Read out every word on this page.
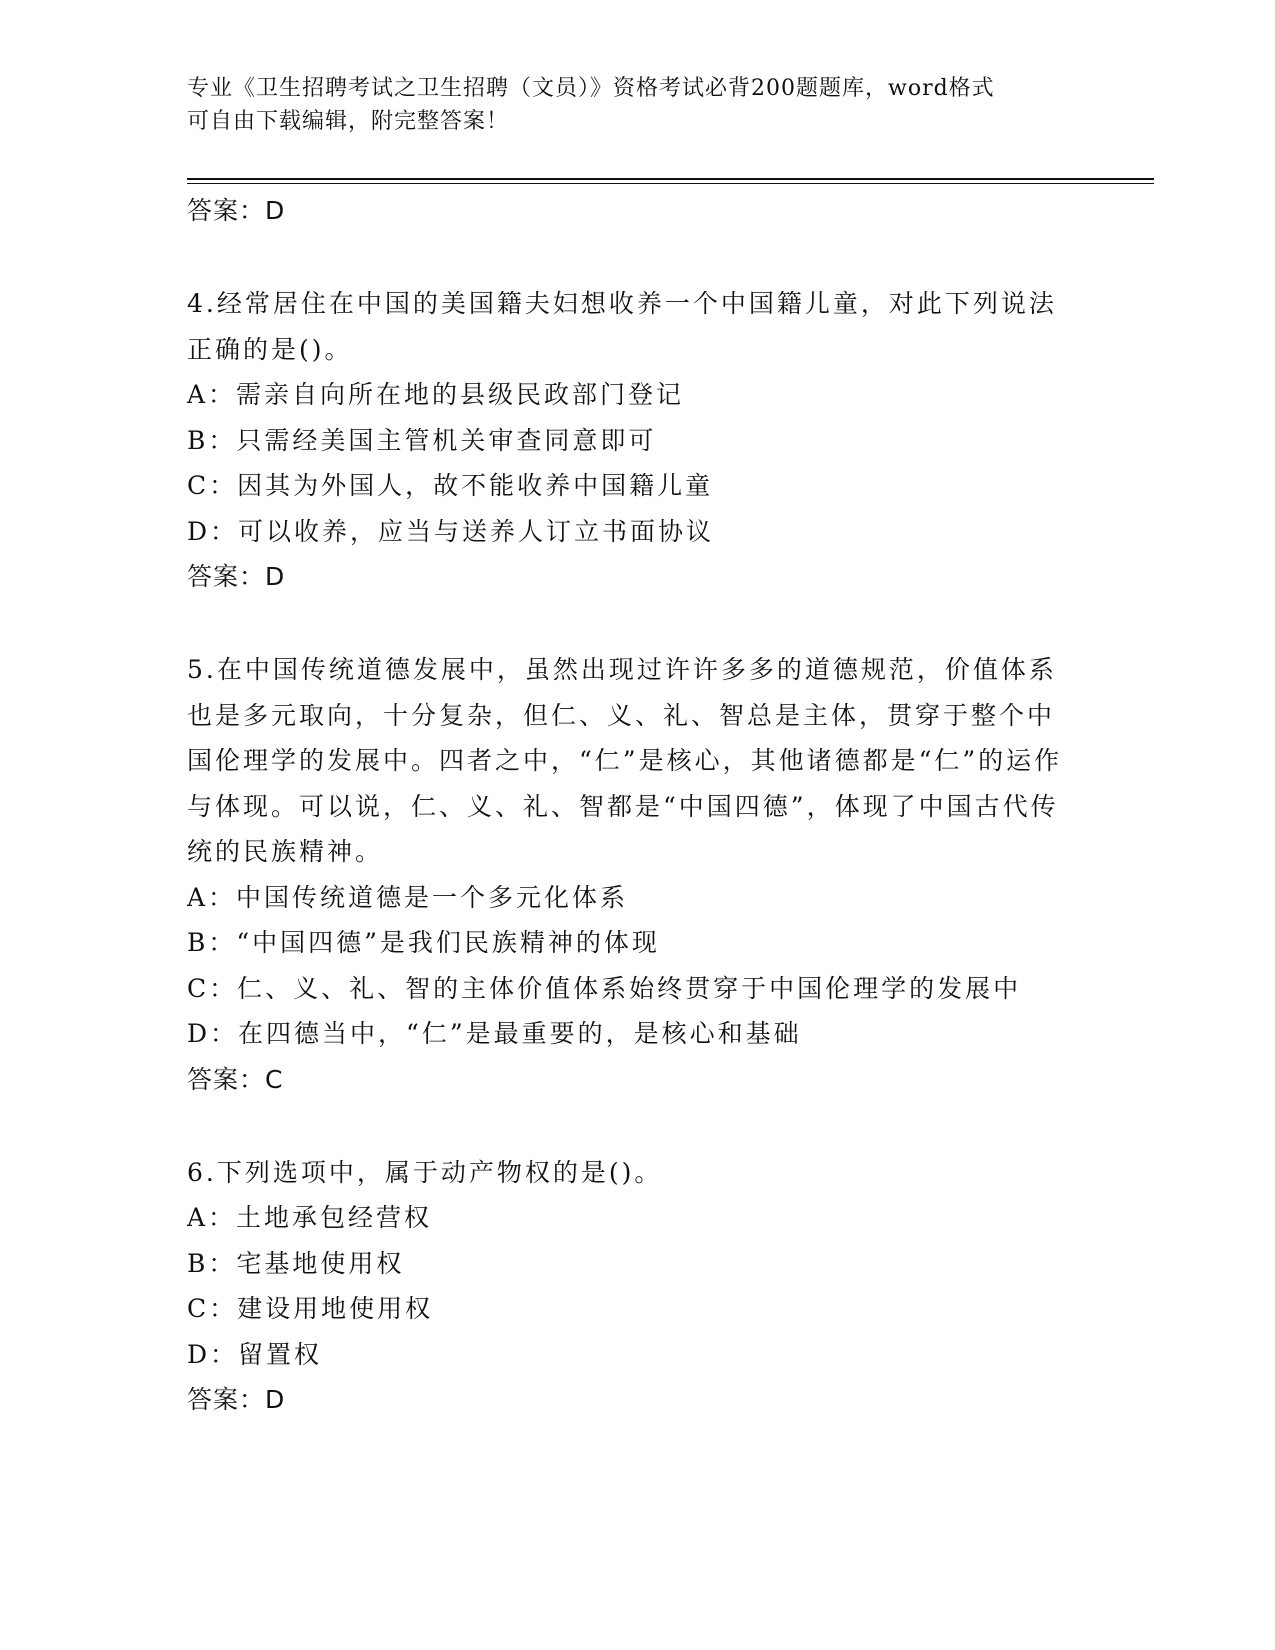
专业《卫生招聘考试之卫生招聘（文员）》资格考试必背200题题库，word格式
可自由下载编辑，附完整答案！
答案：D

4.经常居住在中国的美国籍夫妇想收养一个中国籍儿童，对此下列说法正确的是()。

A：需亲自向所在地的县级民政部门登记
B：只需经美国主管机关审查同意即可
C：因其为外国人，故不能收养中国籍儿童
D：可以收养，应当与送养人订立书面协议
答案：D

5.在中国传统道德发展中，虽然出现过许许多多的道德规范，价值体系也是多元取向，十分复杂，但仁、义、礼、智总是主体，贯穿于整个中国伦理学的发展中。四者之中，“仁”是核心，其他诸德都是“仁”的运作与体现。可以说，仁、义、礼、智都是“中国四德”，体现了中国古代传统的民族精神。

A：中国传统道德是一个多元化体系
B：“中国四德”是我们民族精神的体现
C：仁、义、礼、智的主体价值体系始终贯穿于中国伦理学的发展中
D：在四德当中，“仁”是最重要的，是核心和基础
答案：C

6.下列选项中，属于动产物权的是()。

A：土地承包经营权
B：宅基地使用权
C：建设用地使用权
D：留置权
答案：D
